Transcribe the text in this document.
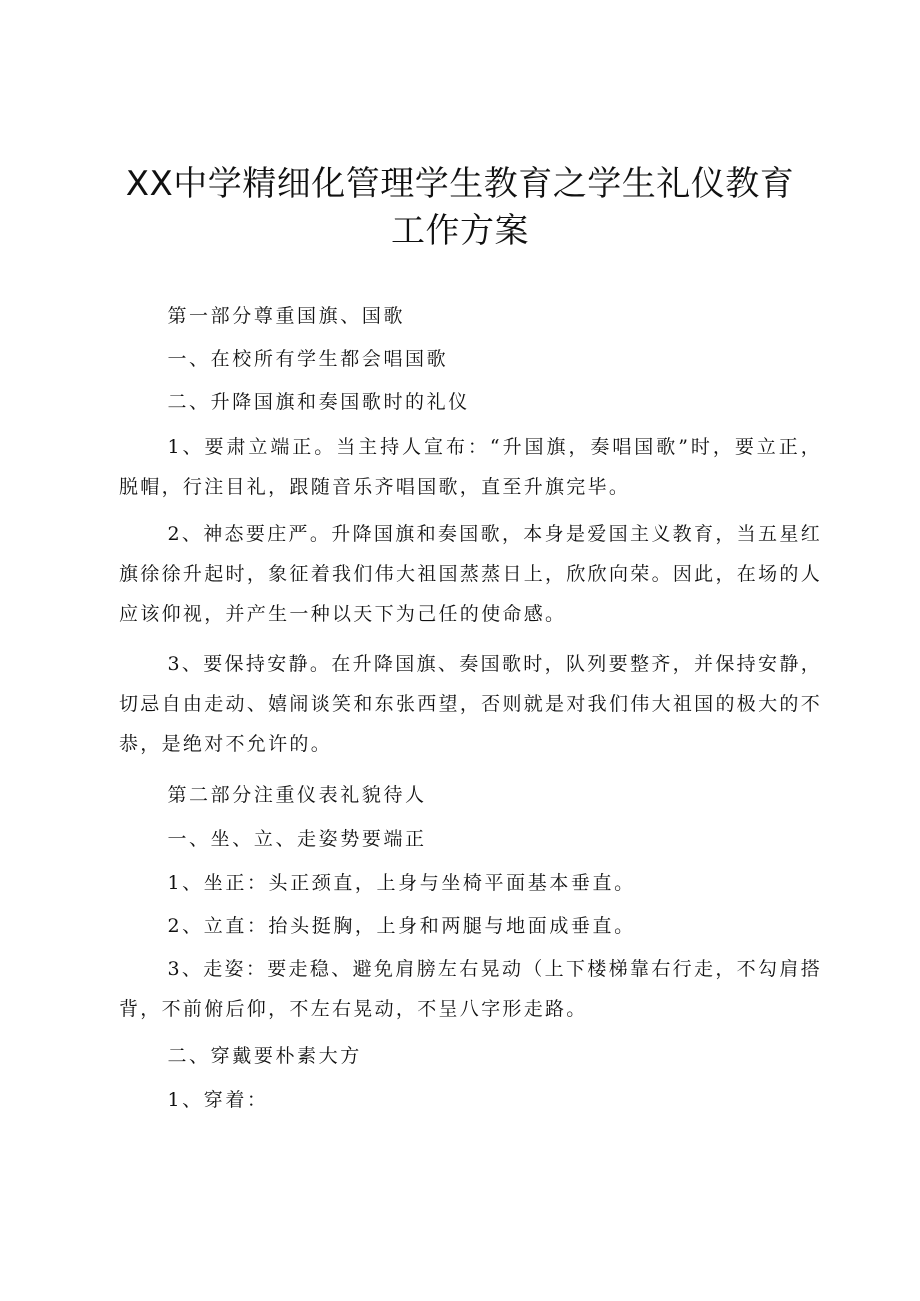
XX中学精细化管理学生教育之学生礼仪教育
工作方案

第一部分尊重国旗、国歌

一、在校所有学生都会唱国歌

二、升降国旗和奏国歌时的礼仪

1、要肃立端正。当主持人宣布：“升国旗，奏唱国歌”时，要立正，脱帽，行注目礼，跟随音乐齐唱国歌，直至升旗完毕。

2、神态要庄严。升降国旗和奏国歌，本身是爱国主义教育，当五星红旗徐徐升起时，象征着我们伟大祖国蒸蒸日上，欣欣向荣。因此，在场的人应该仰视，并产生一种以天下为己任的使命感。

3、要保持安静。在升降国旗、奏国歌时，队列要整齐，并保持安静，切忌自由走动、嬉闹谈笑和东张西望，否则就是对我们伟大祖国的极大的不恭，是绝对不允许的。

第二部分注重仪表礼貌待人

一、坐、立、走姿势要端正

1、坐正：头正颈直，上身与坐椅平面基本垂直。

2、立直：抬头挺胸，上身和两腿与地面成垂直。

3、走姿：要走稳、避免肩膀左右晃动（上下楼梯靠右行走，不勾肩搭背，不前俯后仰，不左右晃动，不呈八字形走路。

二、穿戴要朴素大方

1、穿着：
